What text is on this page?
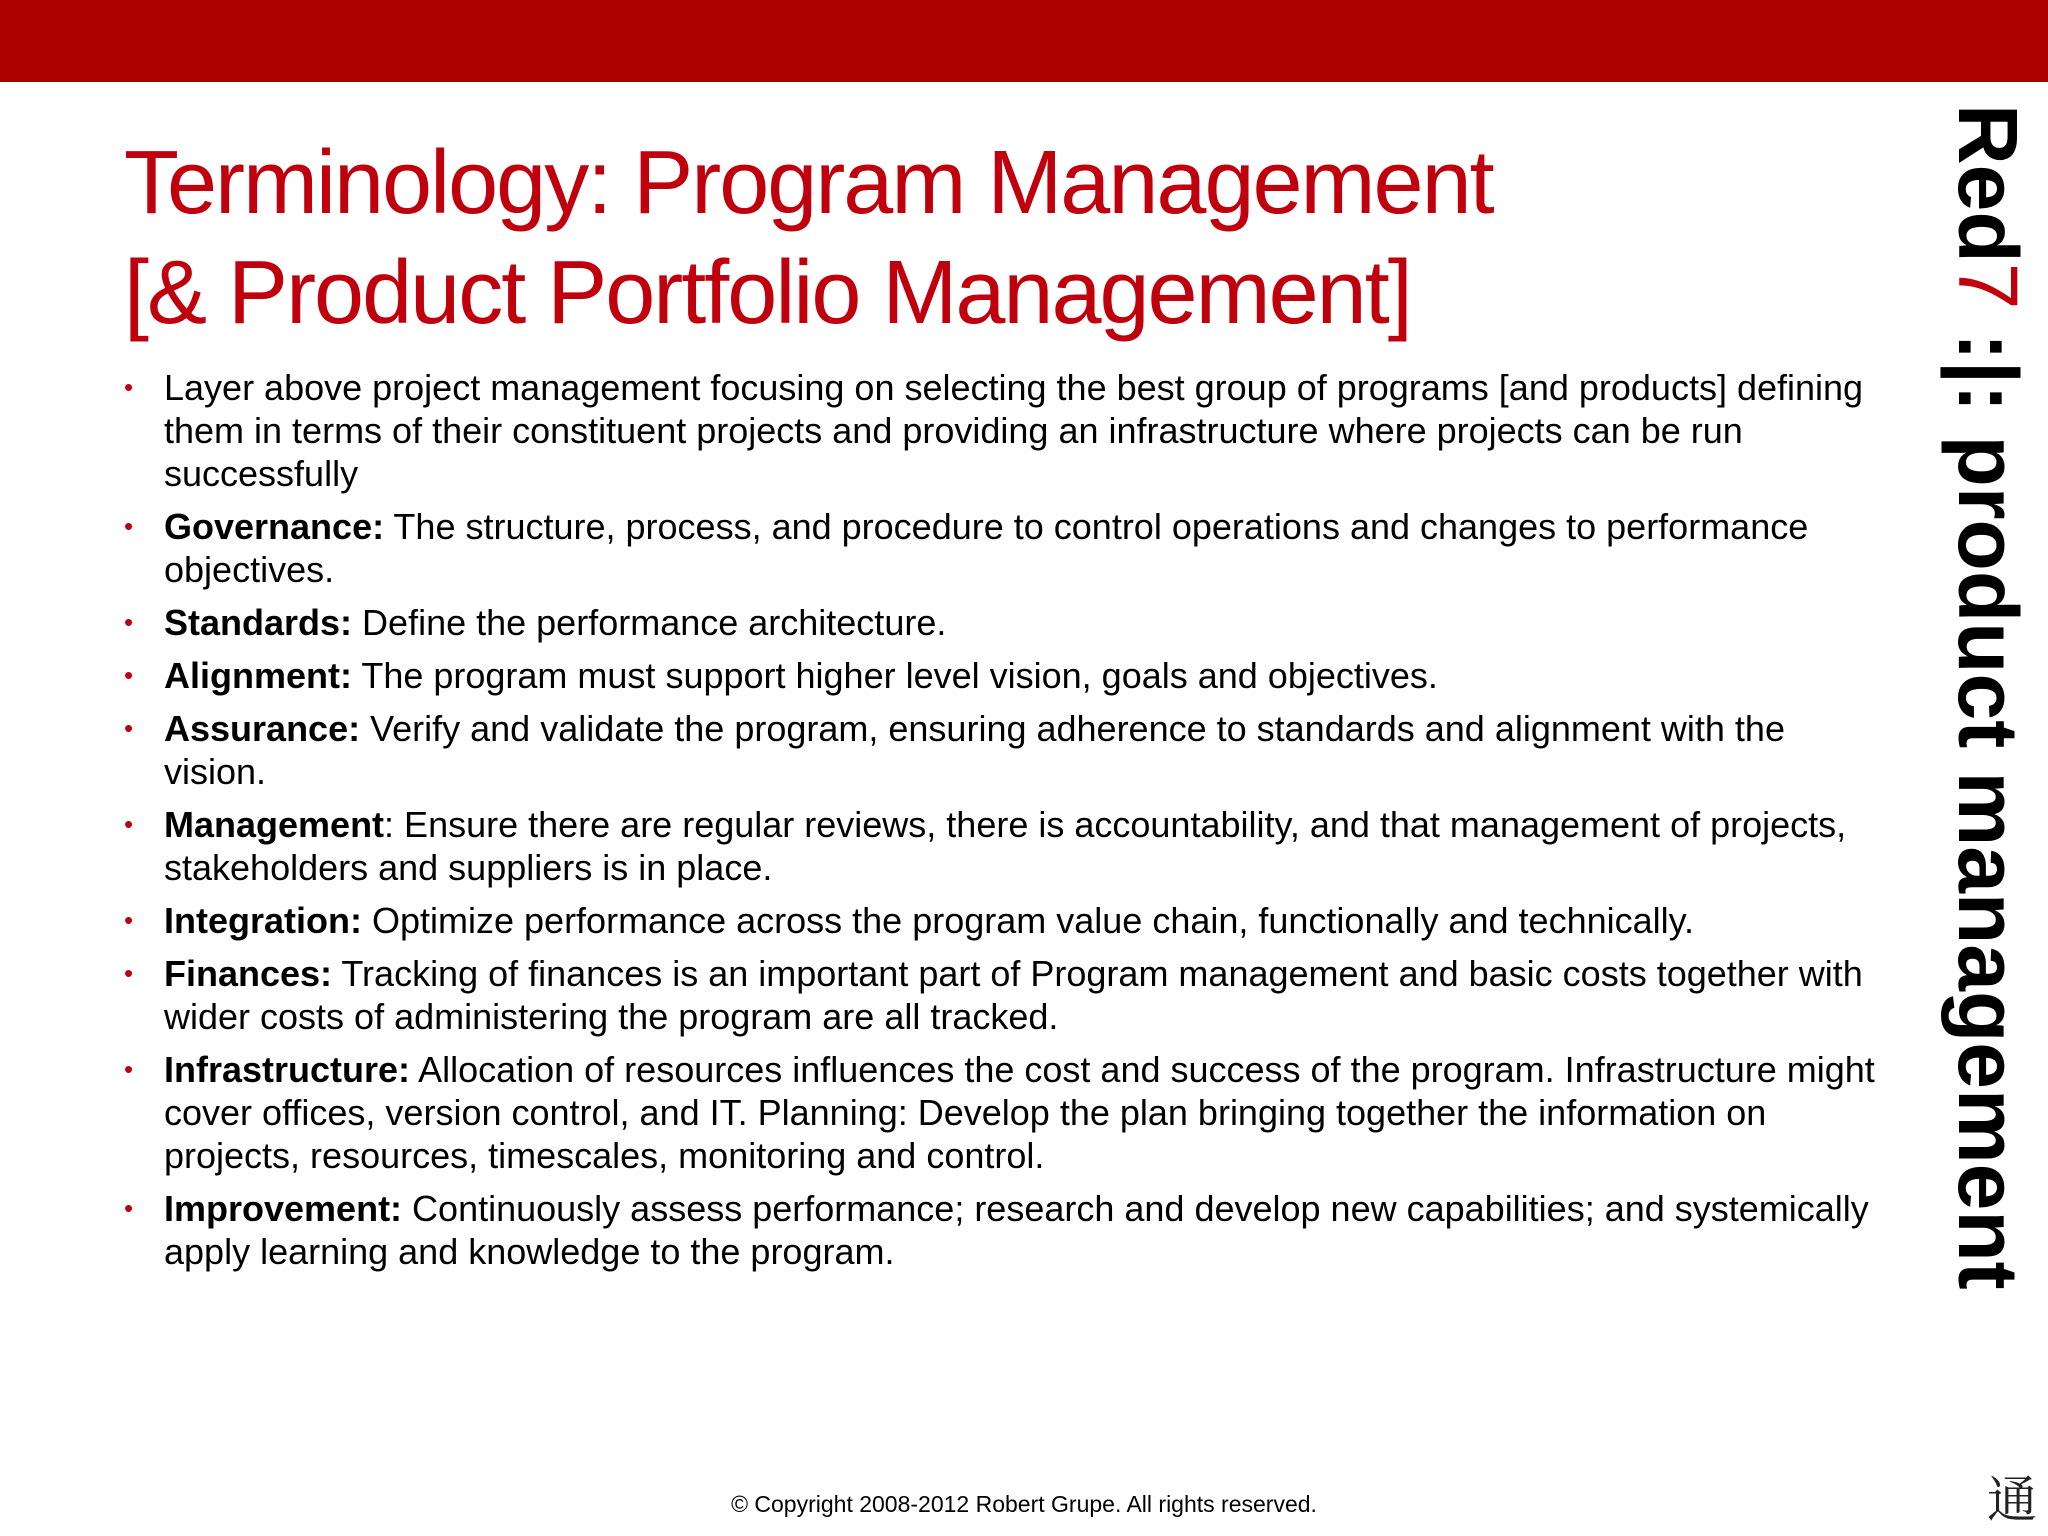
Terminology: Program Management
[& Product Portfolio Management]
• Layer above project management focusing on selecting the best group of programs [and products] defining them in terms of their constituent projects and providing an infrastructure where projects can be run successfully
• Governance: The structure, process, and procedure to control operations and changes to performance objectives.
• Standards: Define the performance architecture.
• Alignment: The program must support higher level vision, goals and objectives.
• Assurance: Verify and validate the program, ensuring adherence to standards and alignment with the vision.
• Management: Ensure there are regular reviews, there is accountability, and that management of projects, stakeholders and suppliers is in place.
• Integration: Optimize performance across the program value chain, functionally and technically.
• Finances: Tracking of finances is an important part of Program management and basic costs together with wider costs of administering the program are all tracked.
• Infrastructure: Allocation of resources influences the cost and success of the program. Infrastructure might cover offices, version control, and IT. Planning: Develop the plan bringing together the information on projects, resources, timescales, monitoring and control.
• Improvement: Continuously assess performance; research and develop new capabilities; and systemically apply learning and knowledge to the program.
Red7 :|: product management
© Copyright 2008-2012 Robert Grupe. All rights reserved.	通
